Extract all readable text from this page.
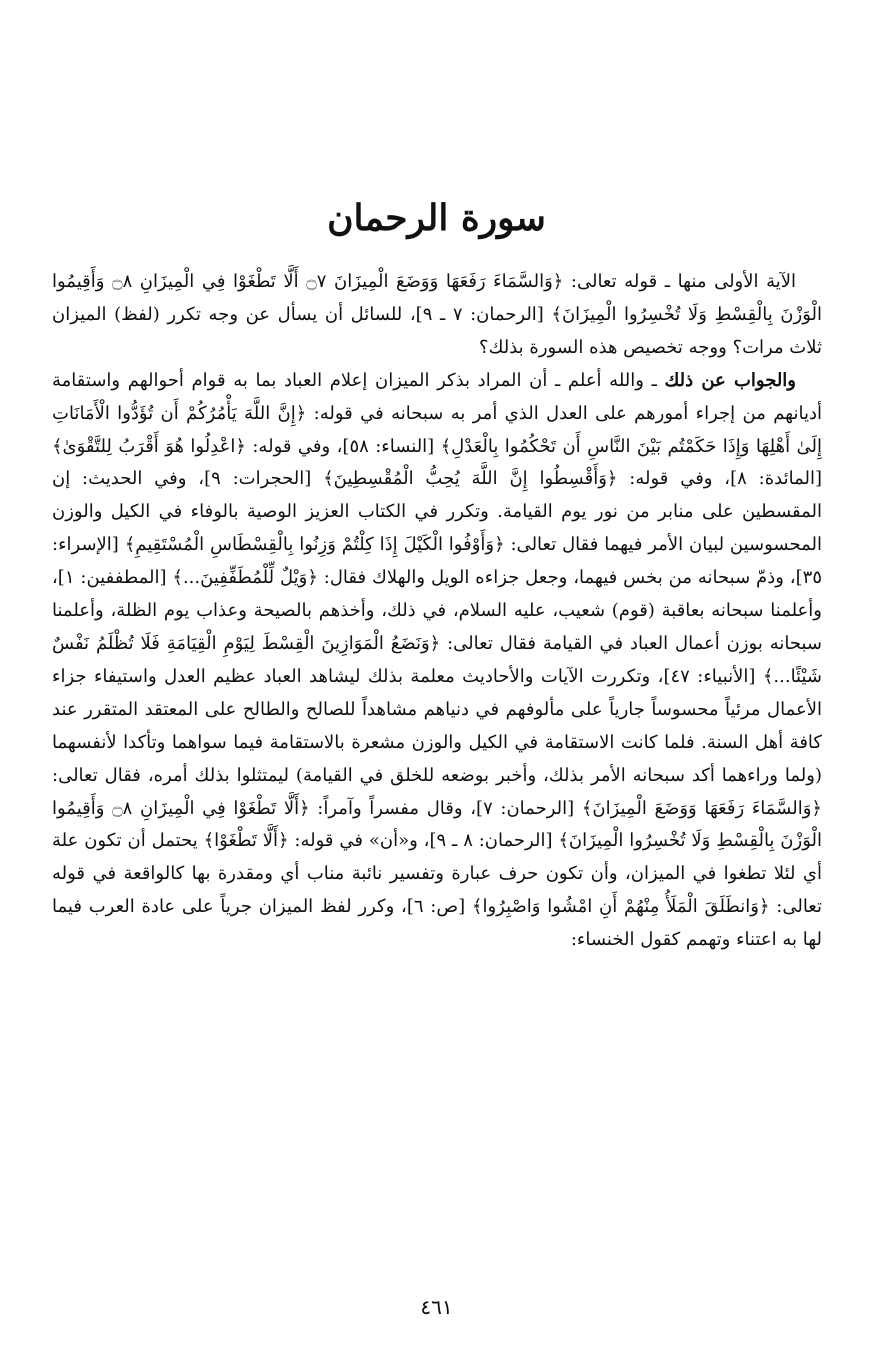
سورة الرحمان

الآية الأولى منها ـ قوله تعالى: ﴿وَالسَّمَاءَ رَفَعَهَا وَوَضَعَ الْمِيزَانَ ۝٧ أَلَّا تَطْغَوْا فِي الْمِيزَانِ ۝٨ وَأَقِيمُوا الْوَزْنَ بِالْقِسْطِ وَلَا تُخْسِرُوا الْمِيزَانَ﴾ [الرحمان: ٧ ـ ٩]، للسائل أن يسأل عن وجه تكرر (لفظ) الميزان ثلاث مرات؟ ووجه تخصيص هذه السورة بذلك؟

والجواب عن ذلك ـ والله أعلم ـ أن المراد بذكر الميزان إعلام العباد بما به قوام أحوالهم واستقامة أديانهم من إجراء أمورهم على العدل الذي أمر به سبحانه في قوله: ﴿إِنَّ اللَّهَ يَأْمُرُكُمْ أَن تُؤَدُّوا الْأَمَانَاتِ إِلَىٰ أَهْلِهَا وَإِذَا حَكَمْتُم بَيْنَ النَّاسِ أَن تَحْكُمُوا بِالْعَدْلِ﴾ [النساء: ٥٨]، وفي قوله: ﴿اعْدِلُوا هُوَ أَقْرَبُ لِلتَّقْوَىٰ﴾ [المائدة: ٨]، وفي قوله: ﴿وَأَقْسِطُوا إِنَّ اللَّهَ يُحِبُّ الْمُقْسِطِينَ﴾ [الحجرات: ٩]، وفي الحديث: إن المقسطين على منابر من نور يوم القيامة. وتكرر في الكتاب العزيز الوصية بالوفاء في الكيل والوزن المحسوسين لبيان الأمر فيهما فقال تعالى: ﴿وَأَوْفُوا الْكَيْلَ إِذَا كِلْتُمْ وَزِنُوا بِالْقِسْطَاسِ الْمُسْتَقِيمِ﴾ [الإسراء: ٣٥]، وذمّ سبحانه من بخس فيهما، وجعل جزاءه الويل والهلاك فقال: ﴿وَيْلٌ لِّلْمُطَفِّفِينَ...﴾ [المطففين: ١]، وأعلمنا سبحانه بعاقبة (قوم) شعيب، عليه السلام، في ذلك، وأخذهم بالصيحة وعذاب يوم الظلة، وأعلمنا سبحانه بوزن أعمال العباد في القيامة فقال تعالى: ﴿وَنَضَعُ الْمَوَازِينَ الْقِسْطَ لِيَوْمِ الْقِيَامَةِ فَلَا تُظْلَمُ نَفْسٌ شَيْئًا...﴾ [الأنبياء: ٤٧]، وتكررت الآيات والأحاديث معلمة بذلك ليشاهد العباد عظيم العدل واستيفاء جزاء الأعمال مرئياً محسوساً جارياً على مألوفهم في دنياهم مشاهداً للصالح والطالح على المعتقد المتقرر عند كافة أهل السنة. فلما كانت الاستقامة في الكيل والوزن مشعرة بالاستقامة فيما سواهما وتأكدا لأنفسهما (ولما وراءهما أكد سبحانه الأمر بذلك، وأخبر بوضعه للخلق في القيامة) ليمتثلوا بذلك أمره، فقال تعالى: ﴿وَالسَّمَاءَ رَفَعَهَا وَوَضَعَ الْمِيزَانَ﴾ [الرحمان: ٧]، وقال مفسراً وآمراً: ﴿أَلَّا تَطْغَوْا فِي الْمِيزَانِ ۝٨ وَأَقِيمُوا الْوَزْنَ بِالْقِسْطِ وَلَا تُخْسِرُوا الْمِيزَانَ﴾ [الرحمان: ٨ ـ ٩]، و«أن» في قوله: ﴿أَلَّا تَطْغَوْا﴾ يحتمل أن تكون علة أي لئلا تطغوا في الميزان، وأن تكون حرف عبارة وتفسير نائبة مناب أي ومقدرة بها كالواقعة في قوله تعالى: ﴿وَانطَلَقَ الْمَلَأُ مِنْهُمْ أَنِ امْشُوا وَاصْبِرُوا﴾ [ص: ٦]، وكرر لفظ الميزان جرياً على عادة العرب فيما لها به اعتناء وتهمم كقول الخنساء:

٤٦١
